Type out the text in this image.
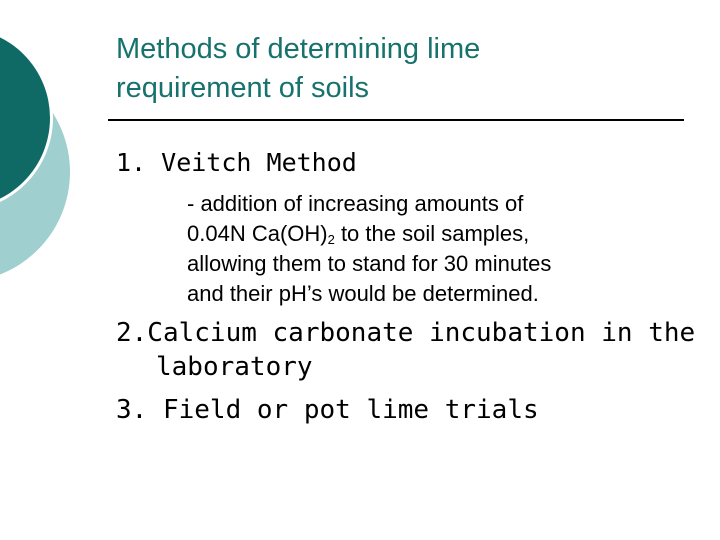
Methods of determining lime
requirement of soils
1. Veitch Method
- addition of increasing amounts of
0.04N $Ca(OH)_2$ to the soil samples,
allowing them to stand for 30 minutes
and their pH’s would be determined.
2.Calcium carbonate incubation in the
laboratory
3. Field or pot lime trials
